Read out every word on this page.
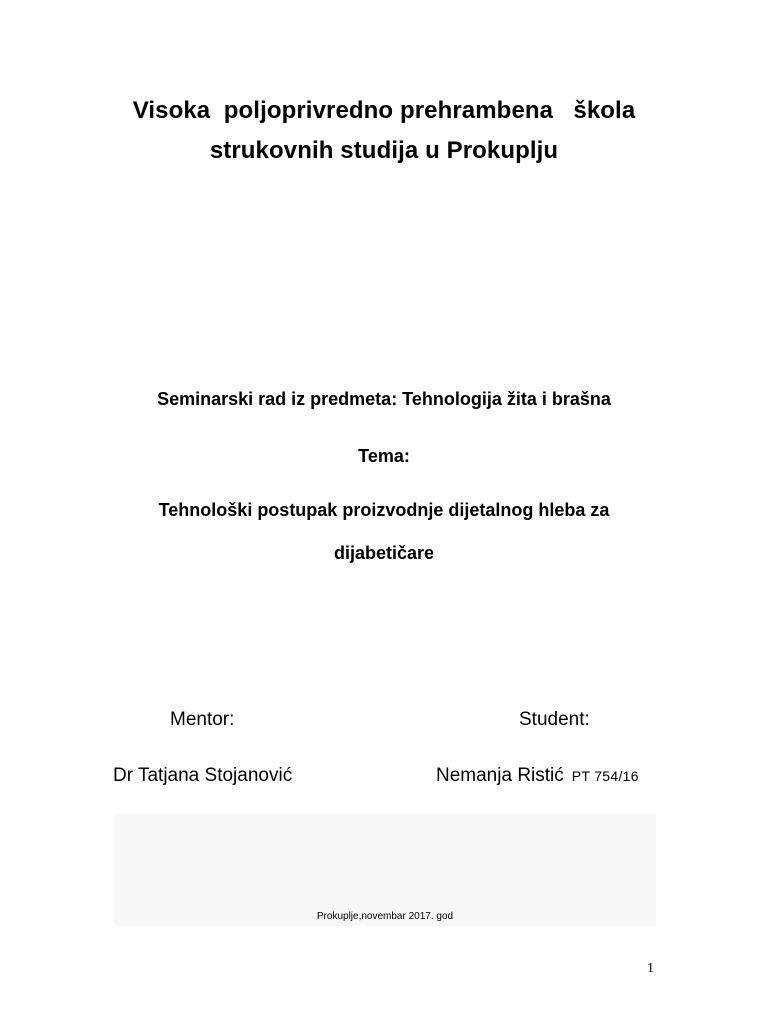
Visoka  poljoprivredno prehrambena   škola
strukovnih studija u Prokuplju
Seminarski rad iz predmeta: Tehnologija žita i brašna
Tema:
Tehnološki postupak proizvodnje dijetalnog hleba za
dijabetičare
Mentor:	Student:
Dr Tatjana Stojanović	Nemanja Ristić PT 754/16
Prokuplje,novembar 2017. god
1
